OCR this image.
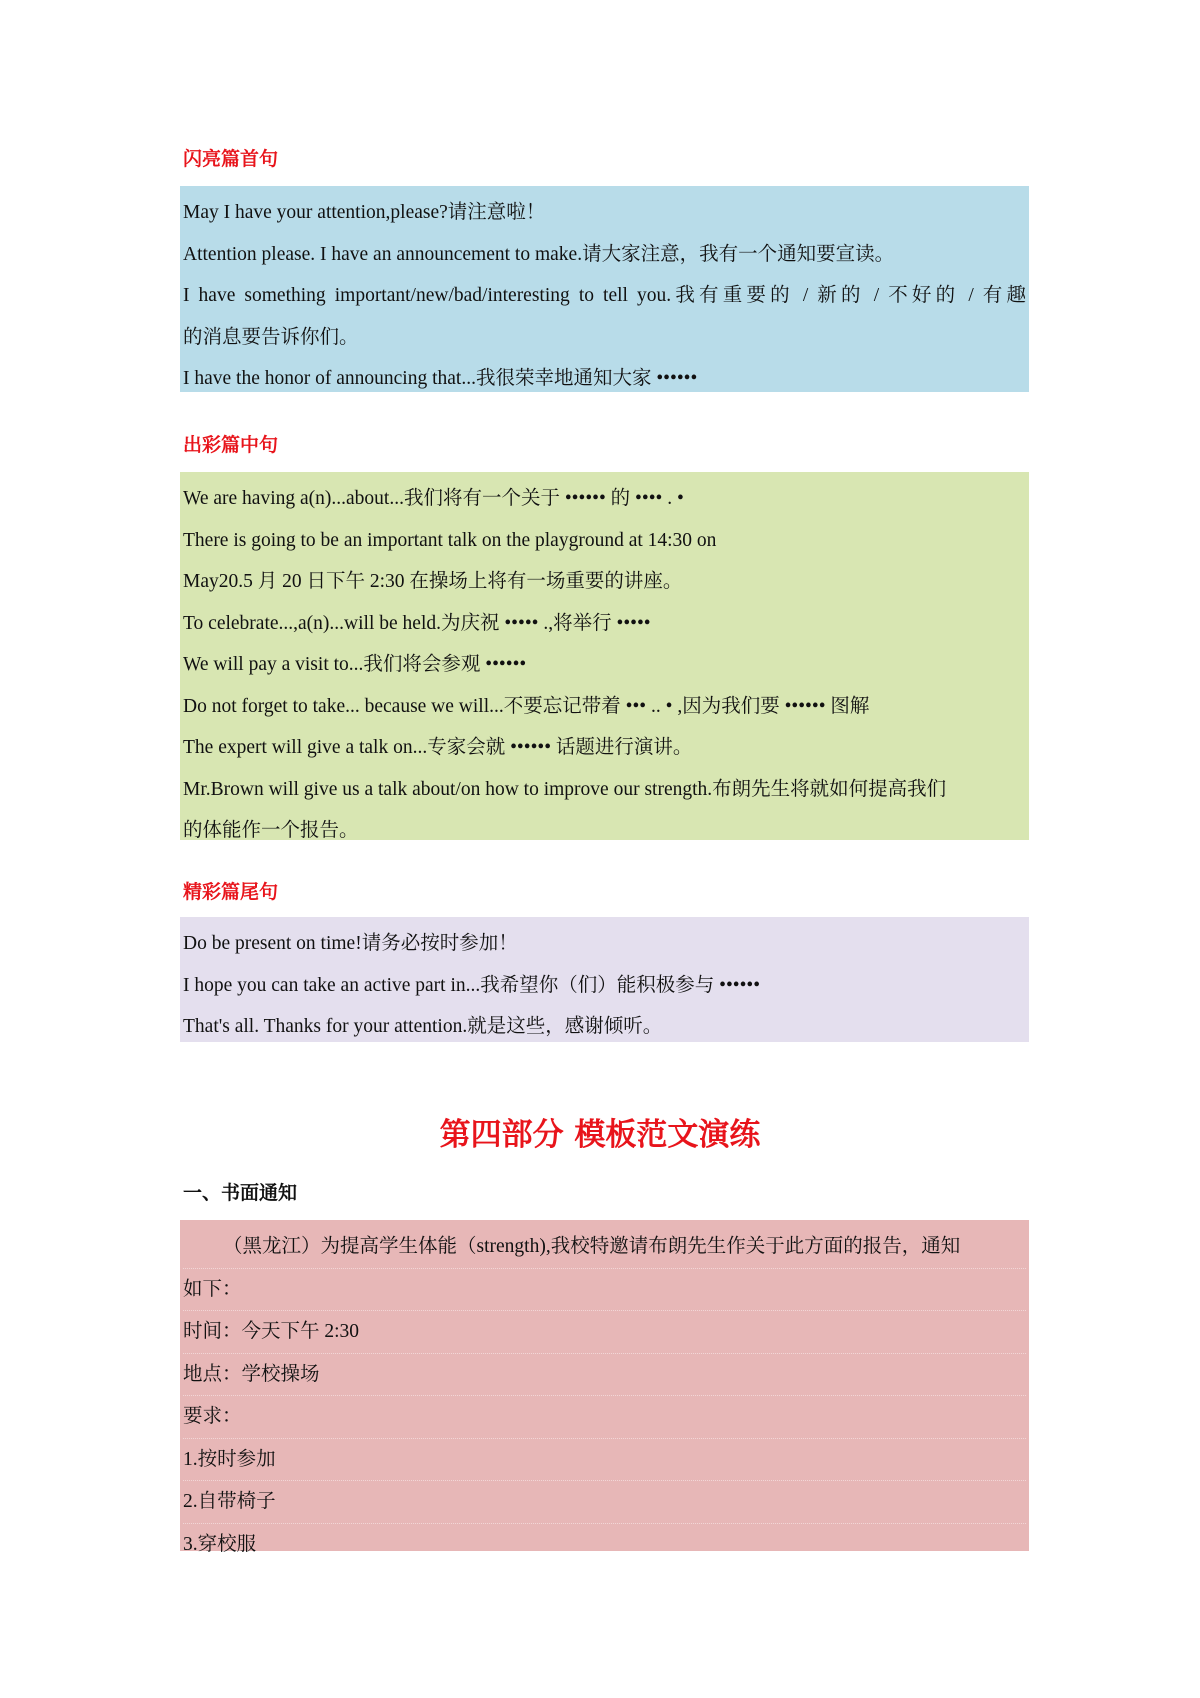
闪亮篇首句
May I have your attention,please?请注意啦！
Attention please. I have an announcement to make.请大家注意，我有一个通知要宣读。
I have something important/new/bad/interesting to tell you.我有重要的 / 新的 / 不好的 / 有趣
的消息要告诉你们。
I have the honor of announcing that...我很荣幸地通知大家 ••••••
出彩篇中句
We are having a(n)...about...我们将有一个关于 •••••• 的 •••• . •
There is going to be an important talk on the playground at 14:30 on
May20.5 月 20 日下午 2:30 在操场上将有一场重要的讲座。
To celebrate...,a(n)...will be held.为庆祝 ••••• .,将举行 •••••
We will pay a visit to...我们将会参观 ••••••
Do not forget to take... because we will...不要忘记带着 ••• .. • ,因为我们要 •••••• 图解
The expert will give a talk on...专家会就 •••••• 话题进行演讲。
Mr.Brown will give us a talk about/on how to improve our strength.布朗先生将就如何提高我们
的体能作一个报告。
精彩篇尾句
Do be present on time!请务必按时参加！
I hope you can take an active part in...我希望你（们）能积极参与 ••••••
That's all. Thanks for your attention.就是这些，感谢倾听。
第四部分 模板范文演练
一、书面通知
（黑龙江）为提高学生体能（strength),我校特邀请布朗先生作关于此方面的报告，通知
如下：
时间：今天下午 2:30
地点：学校操场
要求：
1.按时参加
2.自带椅子
3.穿校服
